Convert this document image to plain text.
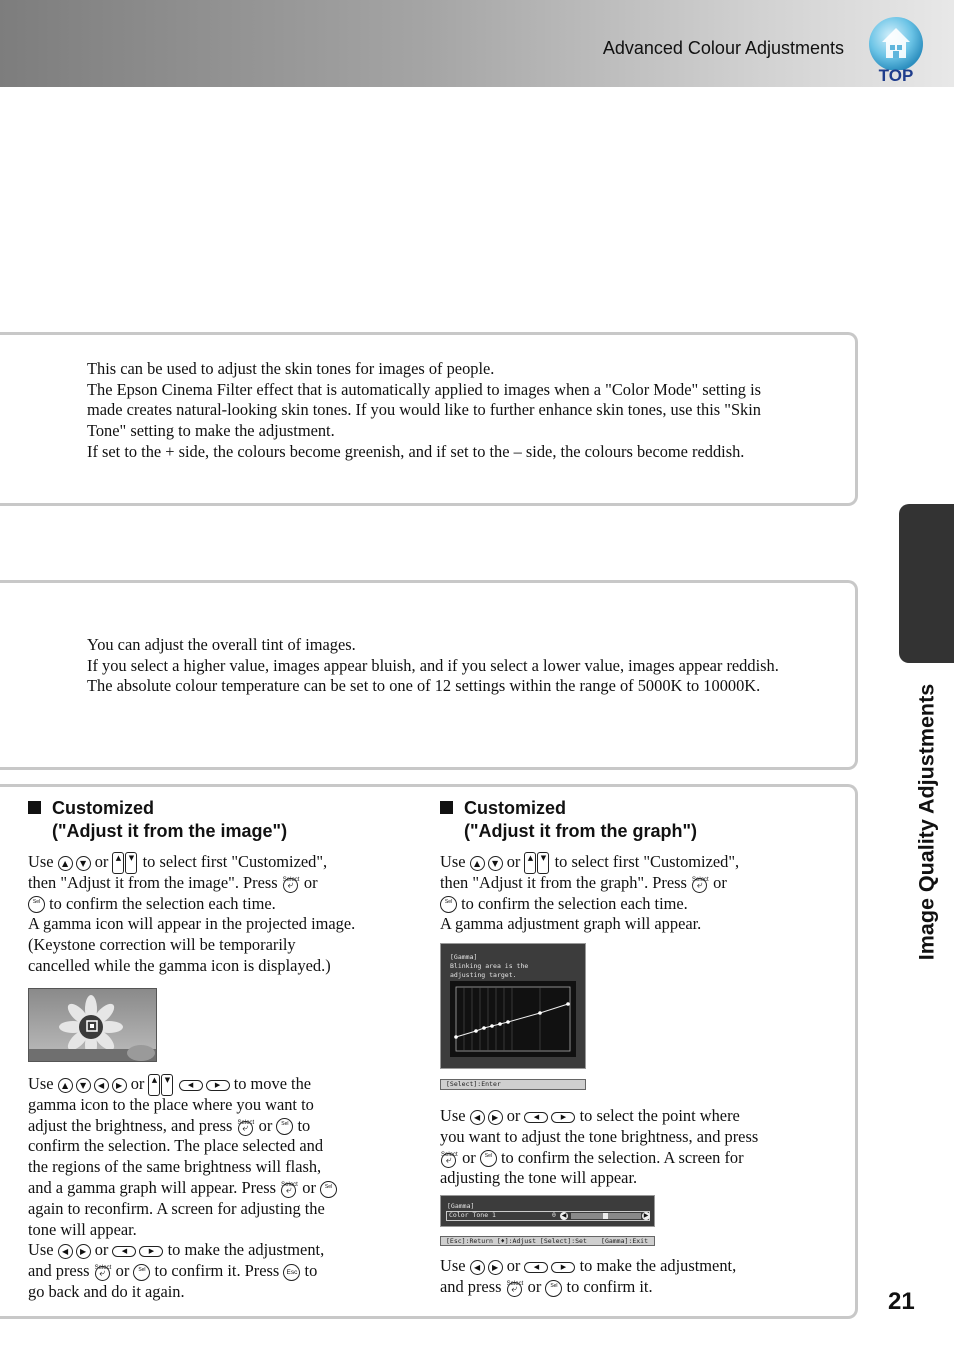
Advanced Colour Adjustments
TOP
Image Quality Adjustments
21
This can be used to adjust the skin tones for images of people.
The Epson Cinema Filter effect that is automatically applied to images when a "Color Mode" setting is
made creates natural-looking skin tones. If you would like to further enhance skin tones, use this "Skin
Tone" setting to make the adjustment.
If set to the + side, the colours become greenish, and if set to the – side, the colours become reddish.
You can adjust the overall tint of images.
If you select a higher value, images appear bluish, and if you select a lower value, images appear reddish.
The absolute colour temperature can be set to one of 12 settings within the range of 5000K to 10000K.
Customized
("Adjust it from the image")
Use ▲ ▼ or ▲ ▼ to select first "Customized",
then "Adjust it from the image". Press Select
⤶ or
Sel to confirm the selection each time.
A gamma icon will appear in the projected image.
(Keystone correction will be temporarily
cancelled while the gamma icon is displayed.)
Use ▲ ▼ ◀ ▶ or ▲ ▼ ◀	▶ to move the
gamma icon to the place where you want to
adjust the brightness, and press Select
⤶ or Sel to
confirm the selection. The place selected and
the regions of the same brightness will flash,
and a gamma graph will appear. Press Select
⤶ or Sel
again to reconfirm. A screen for adjusting the
tone will appear.
Use ◀ ▶ or ◀	▶ to make the adjustment,
and press Select
⤶ or Sel to confirm it. Press Esc to
go back and do it again.
Customized
("Adjust it from the graph")
Use ▲ ▼ or ▲ ▼ to select first "Customized",
then "Adjust it from the graph". Press Select
⤶ or
Sel to confirm the selection each time.
A gamma adjustment graph will appear.
[Gamma]
Blinking area is the
adjusting target.
[Select]:Enter
Use ◀ ▶ or ◀	▶ to select the point where
you want to adjust the tone brightness, and press
Select
⤶ or Sel to confirm the selection. A screen for
adjusting the tone will appear.
[Gamma]
Color Tone 1	0 ◀	▶
[Esc]:Return [♦]:Adjust [Select]:Set [Gamma]:Exit
Use ◀ ▶ or ◀	▶ to make the adjustment,
and press Select
⤶ or Sel to confirm it.
